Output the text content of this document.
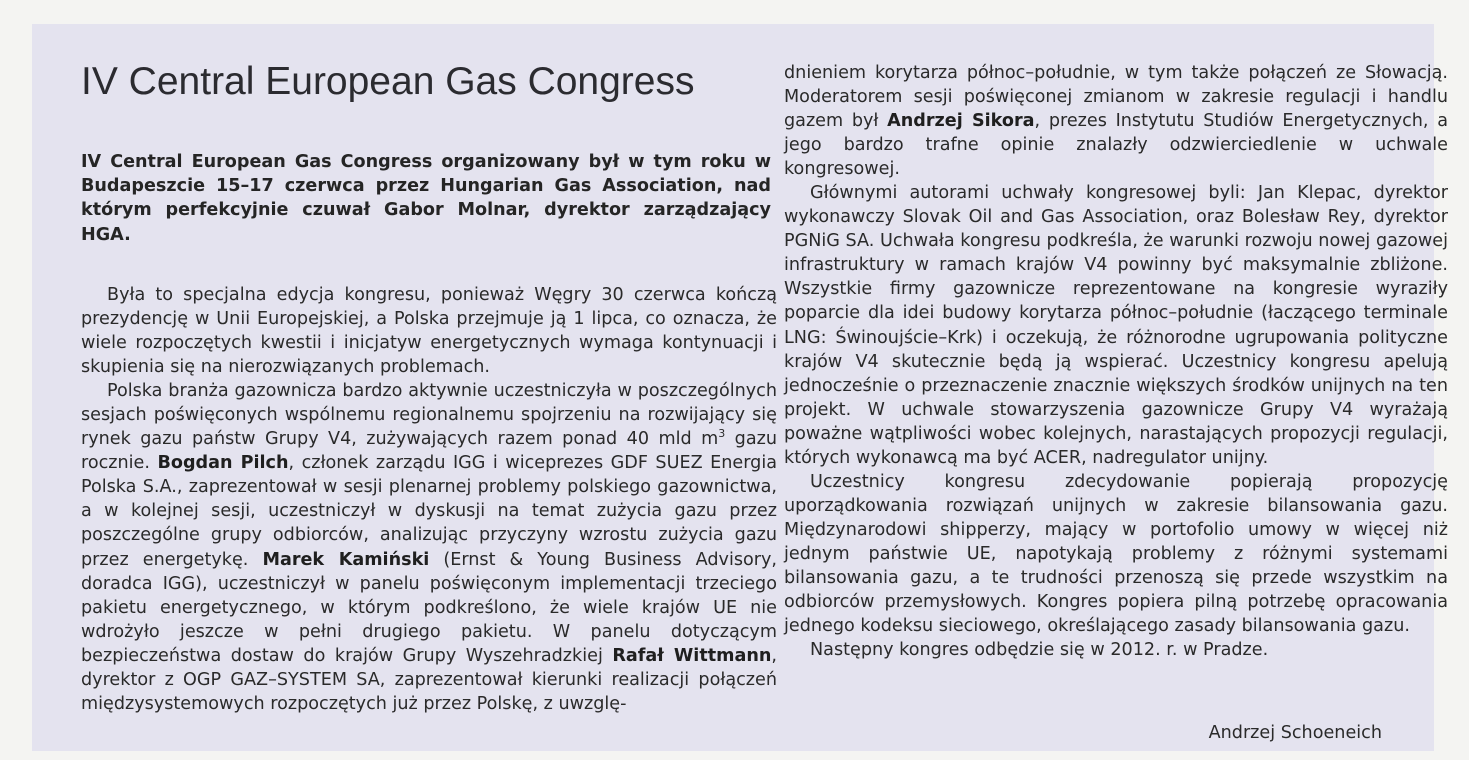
IV Central European Gas Congress

IV Central European Gas Congress organizowany był w tym roku w Budapeszcie 15–17 czerwca przez Hungarian Gas Association, nad którym perfekcyjnie czuwał Gabor Molnar, dyrektor zarządzający HGA.

Była to specjalna edycja kongresu, ponieważ Węgry 30 czerwca kończą prezydencję w Unii Europejskiej, a Polska przejmuje ją 1 lipca, co oznacza, że wiele rozpoczętych kwestii i inicjatyw energetycznych wymaga kontynuacji i skupienia się na nierozwiązanych problemach.

Polska branża gazownicza bardzo aktywnie uczestniczyła w poszczególnych sesjach poświęconych wspólnemu regionalnemu spojrzeniu na rozwijający się rynek gazu państw Grupy V4, zużywających razem ponad 40 mld $m^3$ gazu rocznie. Bogdan Pilch, członek zarządu IGG i wiceprezes GDF SUEZ Energia Polska S.A., zaprezentował w sesji plenarnej problemy polskiego gazownictwa, a w kolejnej sesji, uczestniczył w dyskusji na temat zużycia gazu przez poszczególne grupy odbiorców, analizując przyczyny wzrostu zużycia gazu przez energetykę. Marek Kamiński (Ernst & Young Business Advisory, doradca IGG), uczestniczył w panelu poświęconym implementacji trzeciego pakietu energetycznego, w którym podkreślono, że wiele krajów UE nie wdrożyło jeszcze w pełni drugiego pakietu. W panelu dotyczącym bezpieczeństwa dostaw do krajów Grupy Wyszehradzkiej Rafał Wittmann, dyrektor z OGP GAZ–SYSTEM SA, zaprezentował kierunki realizacji połączeń międzysystemowych rozpoczętych już przez Polskę, z uwzglę-

dnieniem korytarza północ–południe, w tym także połączeń ze Słowacją. Moderatorem sesji poświęconej zmianom w zakresie regulacji i handlu gazem był Andrzej Sikora, prezes Instytutu Studiów Energetycznych, a jego bardzo trafne opinie znalazły odzwierciedlenie w uchwale kongresowej.

Głównymi autorami uchwały kongresowej byli: Jan Klepac, dyrektor wykonawczy Slovak Oil and Gas Association, oraz Bolesław Rey, dyrektor PGNiG SA. Uchwała kongresu podkreśla, że warunki rozwoju nowej gazowej infrastruktury w ramach krajów V4 powinny być maksymalnie zbliżone. Wszystkie firmy gazownicze reprezentowane na kongresie wyraziły poparcie dla idei budowy korytarza północ–południe (łaczącego terminale LNG: Świnoujście–Krk) i oczekują, że różnorodne ugrupowania polityczne krajów V4 skutecznie będą ją wspierać. Uczestnicy kongresu apelują jednocześnie o przeznaczenie znacznie większych środków unijnych na ten projekt. W uchwale stowarzyszenia gazownicze Grupy V4 wyrażają poważne wątpliwości wobec kolejnych, narastających propozycji regulacji, których wykonawcą ma być ACER, nadregulator unijny.

Uczestnicy kongresu zdecydowanie popierają propozycję uporządkowania rozwiązań unijnych w zakresie bilansowania gazu. Międzynarodowi shipperzy, mający w portofolio umowy w więcej niż jednym państwie UE, napotykają problemy z różnymi systemami bilansowania gazu, a te trudności przenoszą się przede wszystkim na odbiorców przemysłowych. Kongres popiera pilną potrzebę opracowania jednego kodeksu sieciowego, określającego zasady bilansowania gazu.

Następny kongres odbędzie się w 2012. r. w Pradze.

Andrzej Schoeneich
